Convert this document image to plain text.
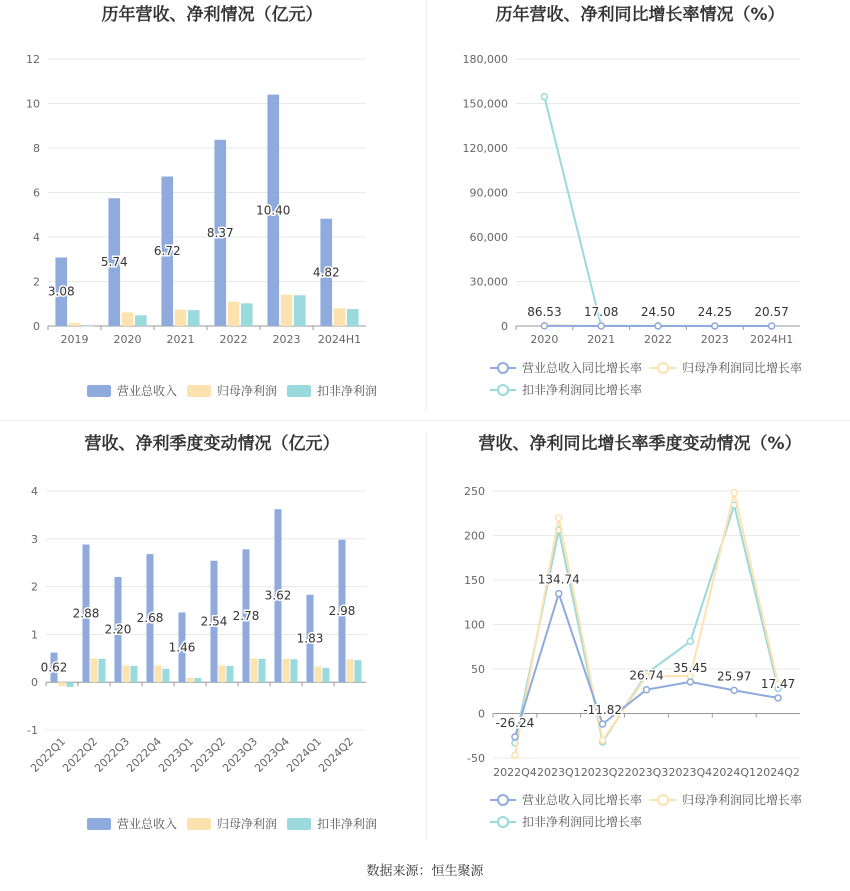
历年营收、净利情况（亿元）
0
2
4
6
8
10
12
2019 2020 2021 2022 2023 2024H1
3.08
5.74
6.72
8.37
10.40
4.82
营业总收入	归母净利润	扣非净利润
历年营收、净利同比增长率情况（%）
0
30,000
60,000
90,000
120,000
150,000
180,000
2020	2021	2022	2023 2024H1
86.53 17.08 24.50 24.25 20.57
营业总收入同比增长率	归母净利润同比增长率
扣非净利润同比增长率
营收、净利季度变动情况（亿元）
-1
0
1
2
3
4
2022Q1
2022Q2
2022Q3
2022Q4
2023Q1
2023Q2
2023Q3
2023Q4
2024Q1
2024Q2
0.62
2.88
2.20
2.68
1.46
2.54 2.78
3.62
1.83
2.98
营业总收入	归母净利润	扣非净利润
营收、净利同比增长率季度变动情况（%）
-50
0
50
100
150
200
250
2022Q4 2023Q1 2023Q2 2023Q3 2023Q4 2024Q1 2024Q2
-26.24
134.74
-11.82
26.74
35.45
25.97
17.47
营业总收入同比增长率	归母净利润同比增长率
扣非净利润同比增长率
数据来源：恒生聚源
